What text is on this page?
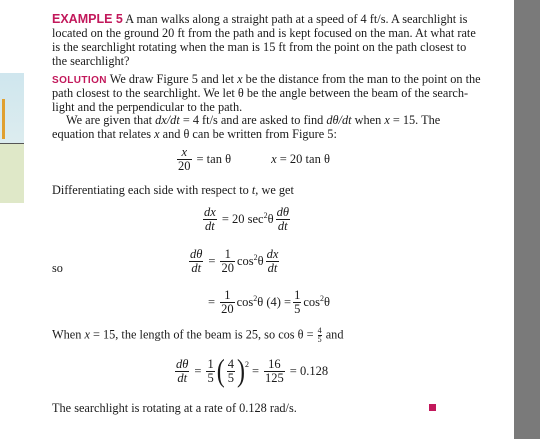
EXAMPLE 5 A man walks along a straight path at a speed of 4 ft/s. A searchlight is
located on the ground 20 ft from the path and is kept focused on the man. At what rate
is the searchlight rotating when the man is 15 ft from the point on the path closest to
the searchlight?
SOLUTION We draw Figure 5 and let x be the distance from the man to the point on the
path closest to the searchlight. We let θ be the angle between the beam of the search-
light and the perpendicular to the path.
We are given that dx/dt = 4 ft/s and are asked to find dθ/dt when x = 15. The
equation that relates x and θ can be written from Figure 5:
$\frac{x}{20} = \tan \theta$	x = 20 tan θ
Differentiating each side with respect to t, we get
$\frac{dx}{dt} = 20$ $\sec^2\theta \frac{d\theta}{dt}$
so	$\frac{d\theta}{dt} = \frac{1}{20} \cos^2\theta \frac{dx}{dt}$
= $\frac{1}{20} \cos^2\theta$ $(4) = \frac{1}{5} \cos^2\theta$
When x = 15, the length of the beam is 25, so $\cos \theta = \frac{4}{5}$ and
$\frac{d\theta}{dt} = \frac{1}{5}$ ( $\frac{4}{5} )^2 = \frac{16}{125} = 0.128$
The searchlight is rotating at a rate of 0.128 rad/s.
